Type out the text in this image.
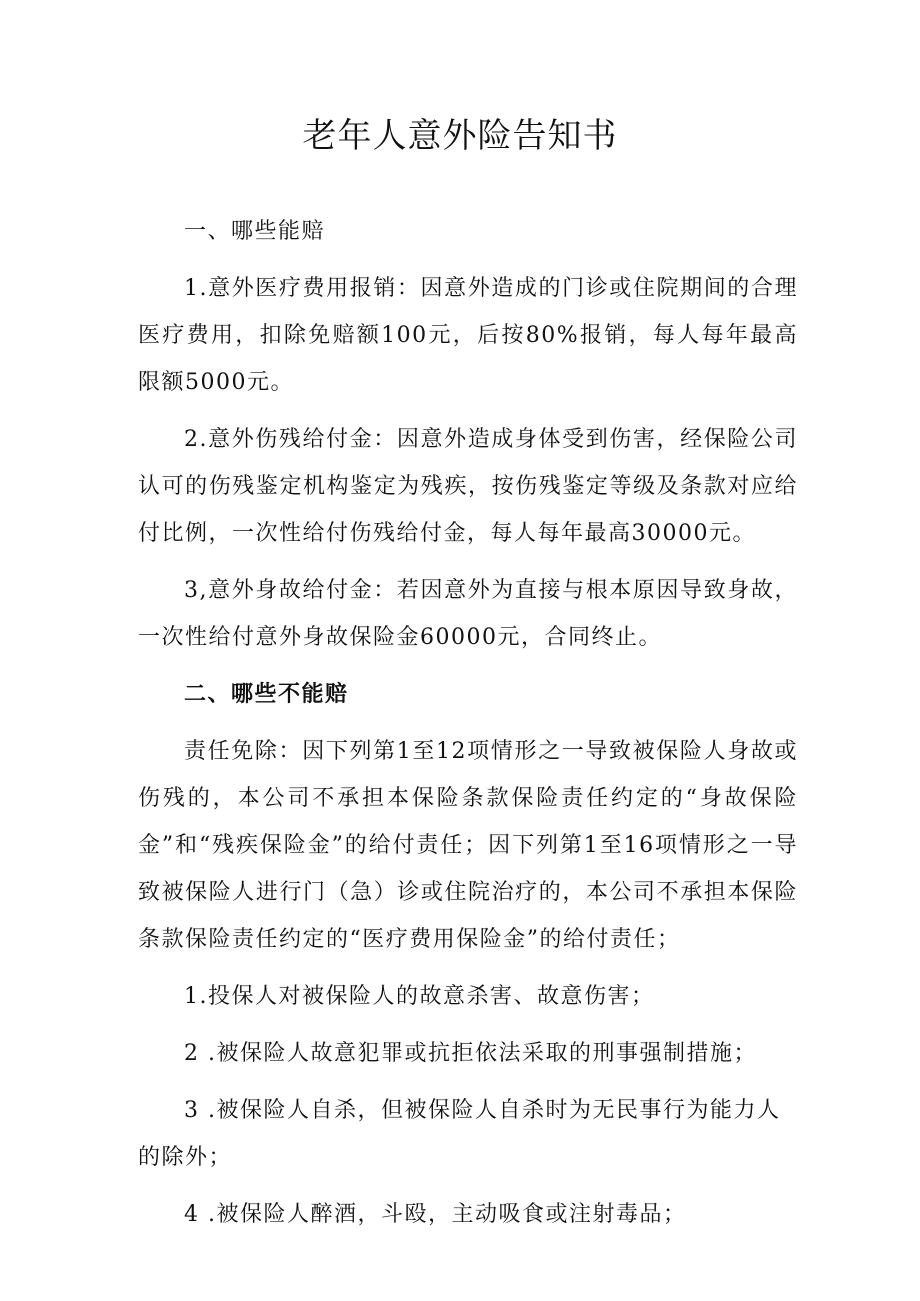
老年人意外险告知书

一、哪些能赔

1.意外医疗费用报销：因意外造成的门诊或住院期间的合理医疗费用，扣除免赔额100元，后按80%报销，每人每年最高限额5000元。

2.意外伤残给付金：因意外造成身体受到伤害，经保险公司认可的伤残鉴定机构鉴定为残疾，按伤残鉴定等级及条款对应给付比例，一次性给付伤残给付金，每人每年最高30000元。

3,意外身故给付金：若因意外为直接与根本原因导致身故，一次性给付意外身故保险金60000元，合同终止。

二、哪些不能赔

责任免除：因下列第1至12项情形之一导致被保险人身故或伤残的，本公司不承担本保险条款保险责任约定的“身故保险金”和“残疾保险金”的给付责任；因下列第1至16项情形之一导致被保险人进行门（急）诊或住院治疗的，本公司不承担本保险条款保险责任约定的“医疗费用保险金”的给付责任；

1.投保人对被保险人的故意杀害、故意伤害；

2 .被保险人故意犯罪或抗拒依法采取的刑事强制措施；

3 .被保险人自杀，但被保险人自杀时为无民事行为能力人的除外；

4 .被保险人醉酒，斗殴，主动吸食或注射毒品；
